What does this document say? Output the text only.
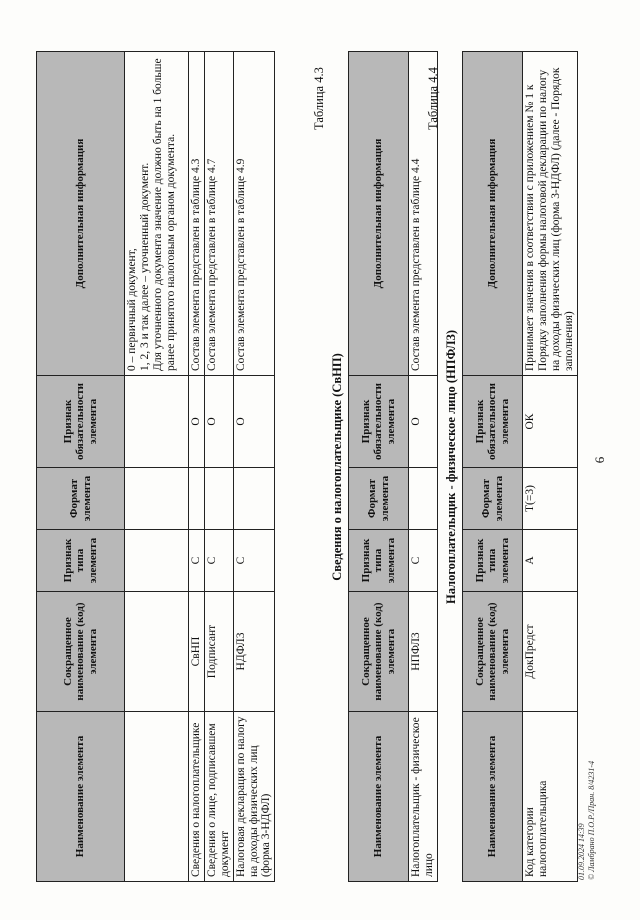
6
Наименование элемента	Сокращенное наименование (код) элемента	Признак типа элемента	Формат элемента	Признак обязательности элемента	Дополнительная информация
					0 – первичный документ,
1, 2, 3 и так далее – уточненный документ.
Для уточненного документа значение должно быть на 1 больше ранее принятого налоговым органом документа.
Сведения о налогоплательщике	СвНП	С		О	Состав элемента представлен в таблице 4.3
Сведения о лице, подписавшем документ	Подписант	С		О	Состав элемента представлен в таблице 4.7
Налоговая декларация по налогу на доходы физических лиц (форма 3-НДФЛ)	НДФЛ3	С		О	Состав элемента представлен в таблице 4.9
Таблица 4.3
Сведения о налогоплательщике (СвНП)
Наименование элемента	Сокращенное наименование (код) элемента	Признак типа элемента	Формат элемента	Признак обязательности элемента	Дополнительная информация
Налогоплательщик - физическое лицо	НПФЛ3	С		О	Состав элемента представлен в таблице 4.4
Таблица 4.4
Налогоплательщик - физическое лицо (НПФЛ3)
Наименование элемента	Сокращенное наименование (код) элемента	Признак типа элемента	Формат элемента	Признак обязательности элемента	Дополнительная информация
Код категории налогоплательщика	ДокПредст	А	T(=3)	ОК	Принимает значения в соответствии с приложением № 1 к Порядку заполнения формы налоговой декларации по налогу на доходы физических лиц (форма 3-НДФЛ) (далее - Порядок заполнения)
01.09.2024 14:39 © Ламбрано П.О.Р./Пран. 8/4231-4
